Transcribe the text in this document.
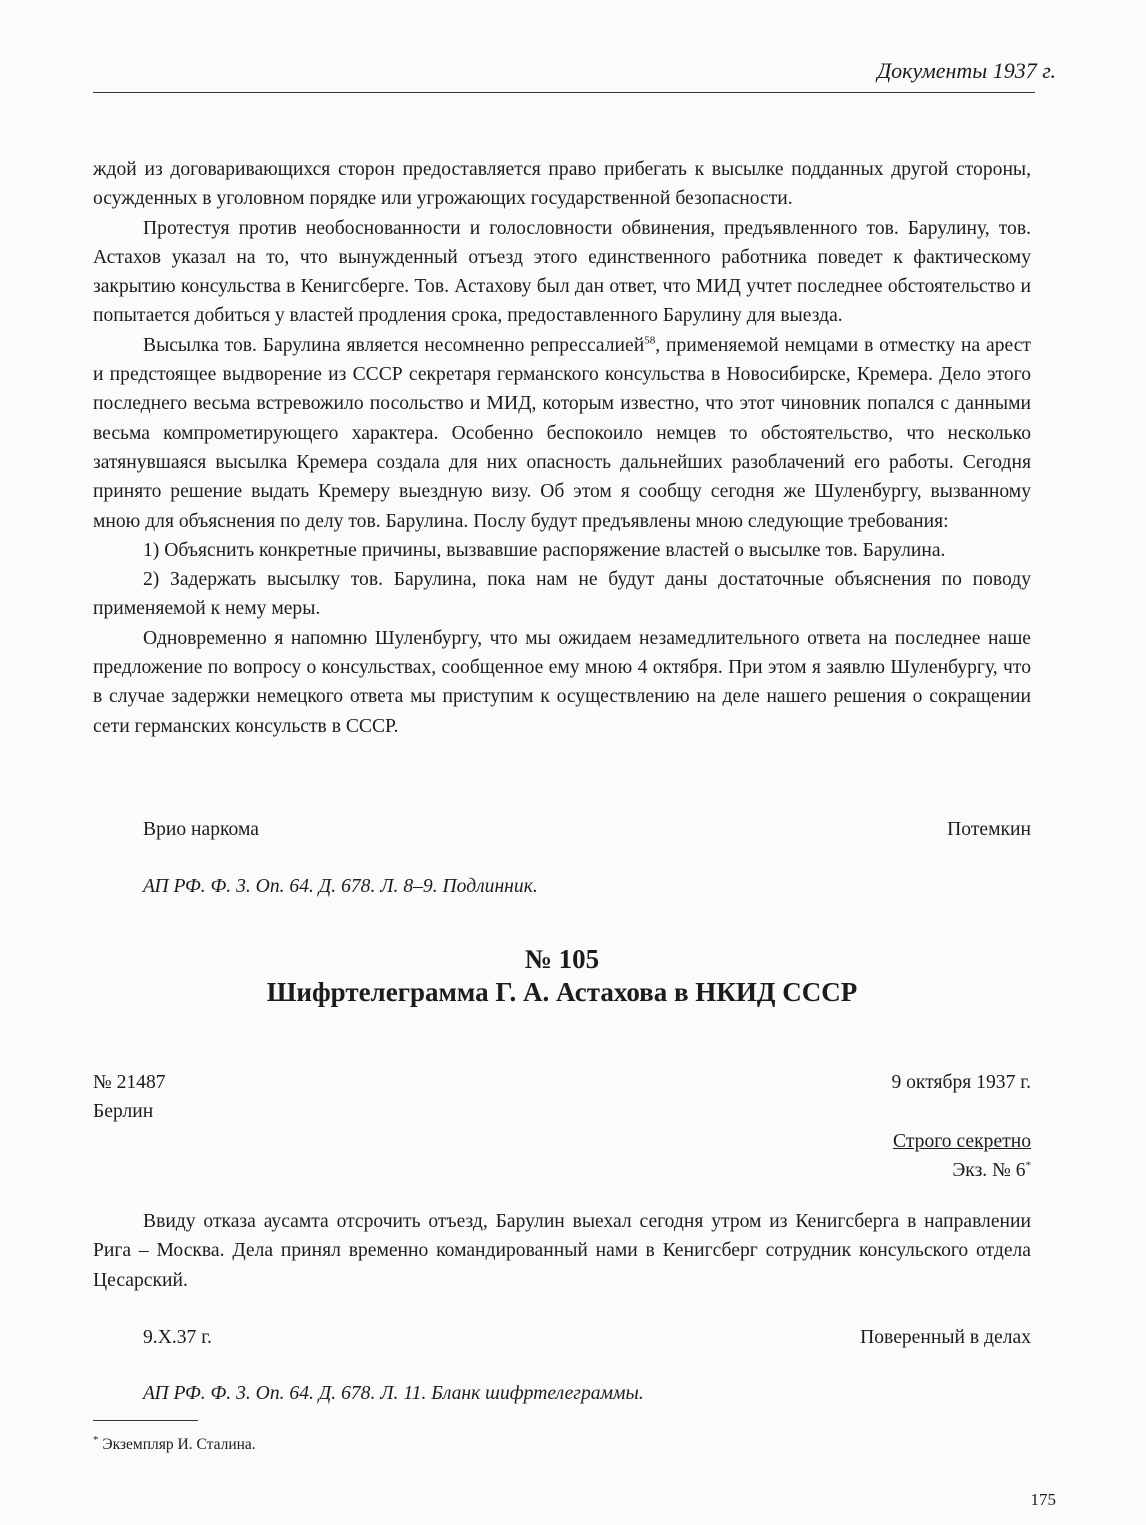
Документы 1937 г.

ждой из договаривающихся сторон предоставляется право прибегать к высылке подданных другой стороны, осужденных в уголовном порядке или угрожающих государственной безопасности.

Протестуя против необоснованности и голословности обвинения, предъявленного тов. Барулину, тов. Астахов указал на то, что вынужденный отъезд этого единственного работника поведет к фактическому закрытию консульства в Кенигсберге. Тов. Астахову был дан ответ, что МИД учтет последнее обстоятельство и попытается добиться у властей продления срока, предоставленного Барулину для выезда.

Высылка тов. Барулина является несомненно репрессалией$^{58}$, применяемой немцами в отместку на арест и предстоящее выдворение из СССР секретаря германского консульства в Новосибирске, Кремера. Дело этого последнего весьма встревожило посольство и МИД, которым известно, что этот чиновник попался с данными весьма компрометирующего характера. Особенно беспокоило немцев то обстоятельство, что несколько затянувшаяся высылка Кремера создала для них опасность дальнейших разоблачений его работы. Сегодня принято решение выдать Кремеру выездную визу. Об этом я сообщу сегодня же Шуленбургу, вызванному мною для объяснения по делу тов. Барулина. Послу будут предъявлены мною следующие требования:

1) Объяснить конкретные причины, вызвавшие распоряжение властей о высылке тов. Барулина.

2) Задержать высылку тов. Барулина, пока нам не будут даны достаточные объяснения по поводу применяемой к нему меры.

Одновременно я напомню Шуленбургу, что мы ожидаем незамедлительного ответа на последнее наше предложение по вопросу о консульствах, сообщенное ему мною 4 октября. При этом я заявлю Шуленбургу, что в случае задержки немецкого ответа мы приступим к осуществлению на деле нашего решения о сокращении сети германских консульств в СССР.

Врио наркома	Потемкин

АП РФ. Ф. 3. Оп. 64. Д. 678. Л. 8–9. Подлинник.

№ 105
Шифртелеграмма Г. А. Астахова в НКИД СССР
№ 21487	9 октября 1937 г.
Берлин
Строго секретно
Экз. № 6*

Ввиду отказа аусамта отсрочить отъезд, Барулин выехал сегодня утром из Кенигсберга в направлении Рига – Москва. Дела принял временно командированный нами в Кенигсберг сотрудник консульского отдела Цесарский.

9.X.37 г.	Поверенный в делах

АП РФ. Ф. 3. Оп. 64. Д. 678. Л. 11. Бланк шифртелеграммы.

* Экземпляр И. Сталина.
175
